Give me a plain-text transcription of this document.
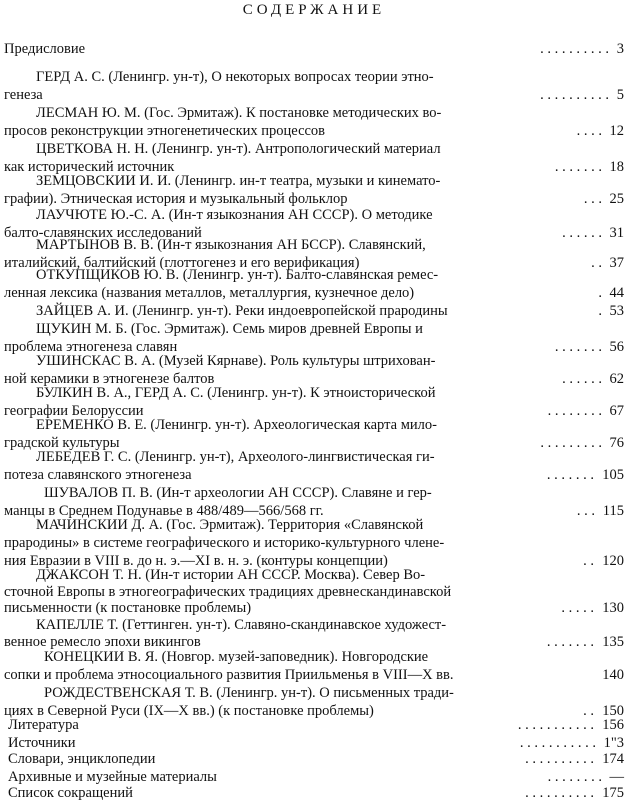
СОДЕРЖАНИЕ
Предисловие	3
. . . . . . . . . .
ГЕРД А. С. (Ленингр. ун-т), О некоторых вопросах теории этно-
генеза	5
. . . . . . . . . .
ЛЕСМАН Ю. М. (Гос. Эрмитаж). К постановке методических во-
просов реконструкции этногенетических процессов	12
. . . .
ЦВЕТКОВА Н. Н. (Ленингр. ун-т). Антропологический материал
как исторический источник	18
. . . . . . .
ЗЕМЦОВСКИИ И. И. (Ленингр. ин-т театра, музыки и кинемато-
графии). Этническая история и музыкальный фольклор	25
. . .
ЛАУЧЮТЕ Ю.-С. А. (Ин-т языкознания АН СССР). О методике
балто-славянских исследований	31
. . . . . .
МАРТЫНОВ В. В. (Ин-т языкознания АН БССР). Славянский,
италийский, балтийский (глоттогенез и его верификация)	37
. .
ОТКУПЩИКОВ Ю. В. (Ленингр. ун-т). Балто-славянская ремес-
ленная лексика (названия металлов, металлургия, кузнечное дело)	44
.
ЗАЙЦЕВ А. И. (Ленингр. ун-т). Реки индоевропейской прародины	53
.
ЩУКИН М. Б. (Гос. Эрмитаж). Семь миров древней Европы и
проблема этногенеза славян	56
. . . . . . .
УШИНСКАС В. А. (Музей Кярнаве). Роль культуры штрихован-
ной керамики в этногенезе балтов	62
. . . . . .
БУЛКИН В. А., ГЕРД А. С. (Ленингр. ун-т). К этноисторической
географии Белоруссии	67
. . . . . . . .
ЕРЕМЕНКО В. Е. (Ленингр. ун-т). Археологическая карта мило-
градской культуры	76
. . . . . . . . .
ЛЕБЕДЕВ Г. С. (Ленингр. ун-т), Археолого-лингвистическая ги-
потеза славянского этногенеза	105
. . . . . . .
ШУВАЛОВ П. В. (Ин-т археологии АН СССР). Славяне и гер-
манцы в Среднем Подунавье в 488/489—566/568 гг.	115
. . .
МАЧИНСКИИ Д. А. (Гос. Эрмитаж). Территория «Славянской
прародины» в системе географического и историко-культурного члене-
ния Евразии в VIII в. до н. э.—XI в. н. э. (контуры концепции)	120
. .
ДЖАКСОН Т. Н. (Ин-т истории АН СССР. Москва). Север Во-
сточной Европы в этногеографических традициях древнескандинавской
письменности (к постановке проблемы)	130
. . . . .
КАПЕЛЛЕ Т. (Геттинген. ун-т). Славяно-скандинавское художест-
венное ремесло эпохи викингов	135
. . . . . . .
КОНЕЦКИИ В. Я. (Новгор. музей-заповедник). Новгородские
сопки и проблема этносоциального развития Приильменья в VIII—X вв.	140
РОЖДЕСТВЕНСКАЯ Т. В. (Ленингр. ун-т). О письменных тради-
циях в Северной Руси (IX—X вв.) (к постановке проблемы)	150
. .
Литература	156
. . . . . . . . . . .
Источники	1"3
. . . . . . . . . . .
Словари, энциклопедии	174
. . . . . . . . . .
Архивные и музейные материалы	—
. . . . . . . .
Список сокращений	175
. . . . . . . . . .
